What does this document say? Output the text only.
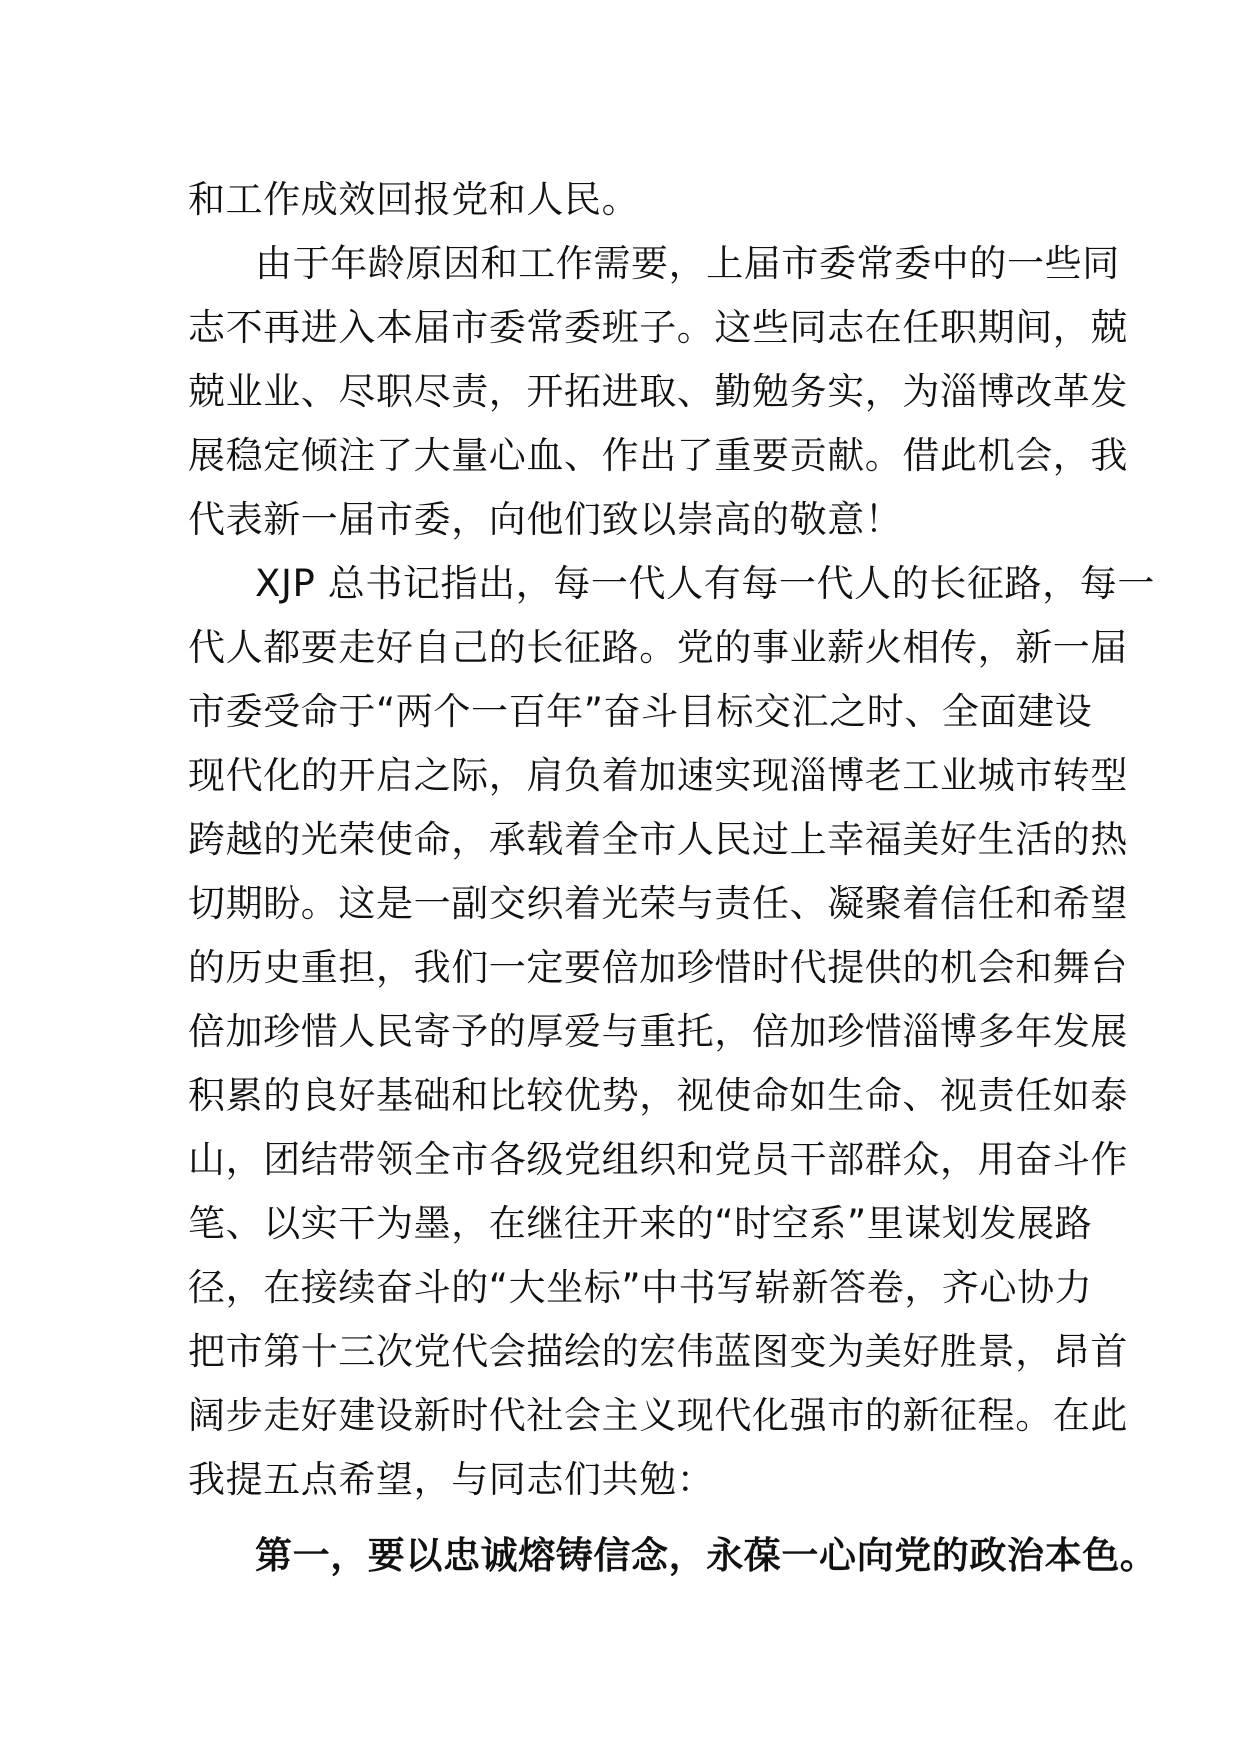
和工作成效回报党和人民。
由于年龄原因和工作需要，上届市委常委中的一些同
志不再进入本届市委常委班子。这些同志在任职期间，兢
兢业业、尽职尽责，开拓进取、勤勉务实，为淄博改革发
展稳定倾注了大量心血、作出了重要贡献。借此机会，我
代表新一届市委，向他们致以崇高的敬意！
XJP 总书记指出，每一代人有每一代人的长征路，每一
代人都要走好自己的长征路。党的事业薪火相传，新一届
市委受命于“两个一百年”奋斗目标交汇之时、全面建设
现代化的开启之际，肩负着加速实现淄博老工业城市转型
跨越的光荣使命，承载着全市人民过上幸福美好生活的热
切期盼。这是一副交织着光荣与责任、凝聚着信任和希望
的历史重担，我们一定要倍加珍惜时代提供的机会和舞台
倍加珍惜人民寄予的厚爱与重托，倍加珍惜淄博多年发展
积累的良好基础和比较优势，视使命如生命、视责任如泰
山，团结带领全市各级党组织和党员干部群众，用奋斗作
笔、以实干为墨，在继往开来的“时空系”里谋划发展路
径，在接续奋斗的“大坐标”中书写崭新答卷，齐心协力
把市第十三次党代会描绘的宏伟蓝图变为美好胜景，昂首
阔步走好建设新时代社会主义现代化强市的新征程。在此
我提五点希望，与同志们共勉：
第一，要以忠诚熔铸信念，永葆一心向党的政治本色。
